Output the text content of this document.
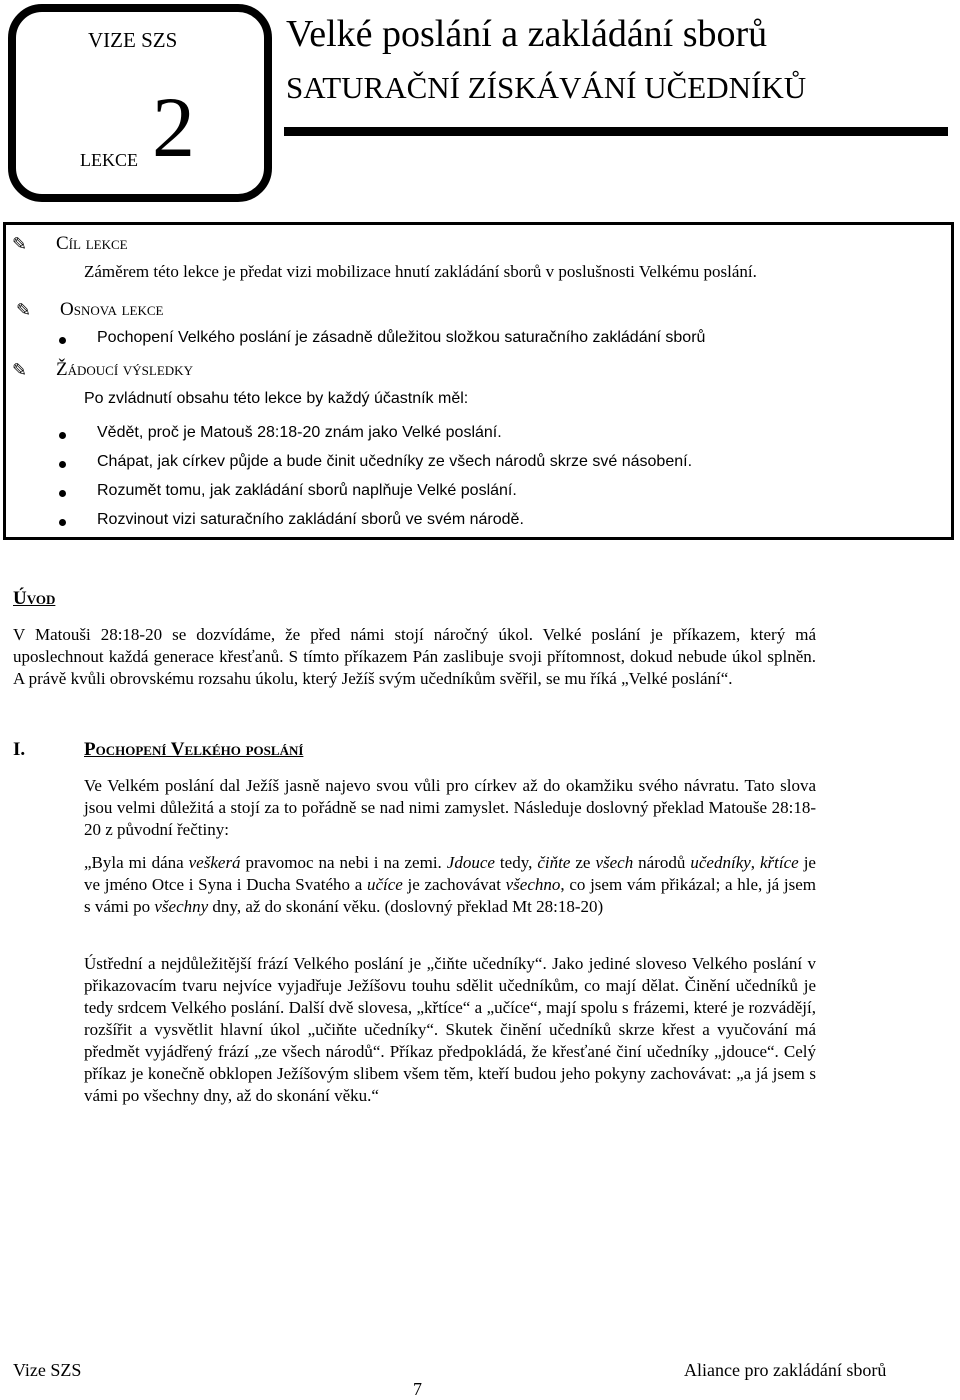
VIZE SZS
LEKCE 2
Velké poslání a zakládání sborů
SATURAČNÍ ZÍSKÁVÁNÍ UČEDNÍKŮ
✎ Cíl lekce
Záměrem této lekce je předat vizi mobilizace hnutí zakládání sborů v poslušnosti Velkému poslání.
✎ Osnova lekce
Pochopení Velkého poslání je zásadně důležitou složkou saturačního zakládání sborů
✎ Žádoucí výsledky
Po zvládnutí obsahu této lekce by každý účastník měl:
Vědět, proč je Matouš 28:18-20 znám jako Velké poslání.
Chápat, jak církev půjde a bude činit učedníky ze všech národů skrze své násobení.
Rozumět tomu, jak zakládání sborů naplňuje Velké poslání.
Rozvinout vizi saturačního zakládání sborů ve svém národě.
Úvod
V Matouši 28:18-20 se dozvídáme, že před námi stojí náročný úkol. Velké poslání je příkazem, který má uposlechnout každá generace křesťanů. S tímto příkazem Pán zaslibuje svoji přítomnost, dokud nebude úkol splněn. A právě kvůli obrovskému rozsahu úkolu, který Ježíš svým učedníkům svěřil, se mu říká „Velké poslání“.
I.	Pochopení Velkého poslání
Ve Velkém poslání dal Ježíš jasně najevo svou vůli pro církev až do okamžiku svého návratu. Tato slova jsou velmi důležitá a stojí za to pořádně se nad nimi zamyslet. Následuje doslovný překlad Matouše 28:18-20 z původní řečtiny:
„Byla mi dána veškerá pravomoc na nebi i na zemi. Jdouce tedy, čiňte ze všech národů učedníky, křtíce je ve jméno Otce i Syna i Ducha Svatého a učíce je zachovávat všechno, co jsem vám přikázal; a hle, já jsem s vámi po všechny dny, až do skonání věku. (doslovný překlad Mt 28:18-20)
Ústřední a nejdůležitější frází Velkého poslání je „čiňte učedníky“. Jako jediné sloveso Velkého poslání v přikazovacím tvaru nejvíce vyjadřuje Ježíšovu touhu sdělit učedníkům, co mají dělat. Činění učedníků je tedy srdcem Velkého poslání. Další dvě slovesa, „křtíce“ a „učíce“, mají spolu s frázemi, které je rozvádějí, rozšířit a vysvětlit hlavní úkol „učiňte učedníky“. Skutek činění učedníků skrze křest a vyučování má předmět vyjádřený frází „ze všech národů“. Příkaz předpokládá, že křesťané činí učedníky „jdouce“. Celý příkaz je konečně obklopen Ježíšovým slibem všem těm, kteří budou jeho pokyny zachovávat: „a já jsem s vámi po všechny dny, až do skonání věku.“
Vize SZS
7
Aliance pro zakládání sborů
